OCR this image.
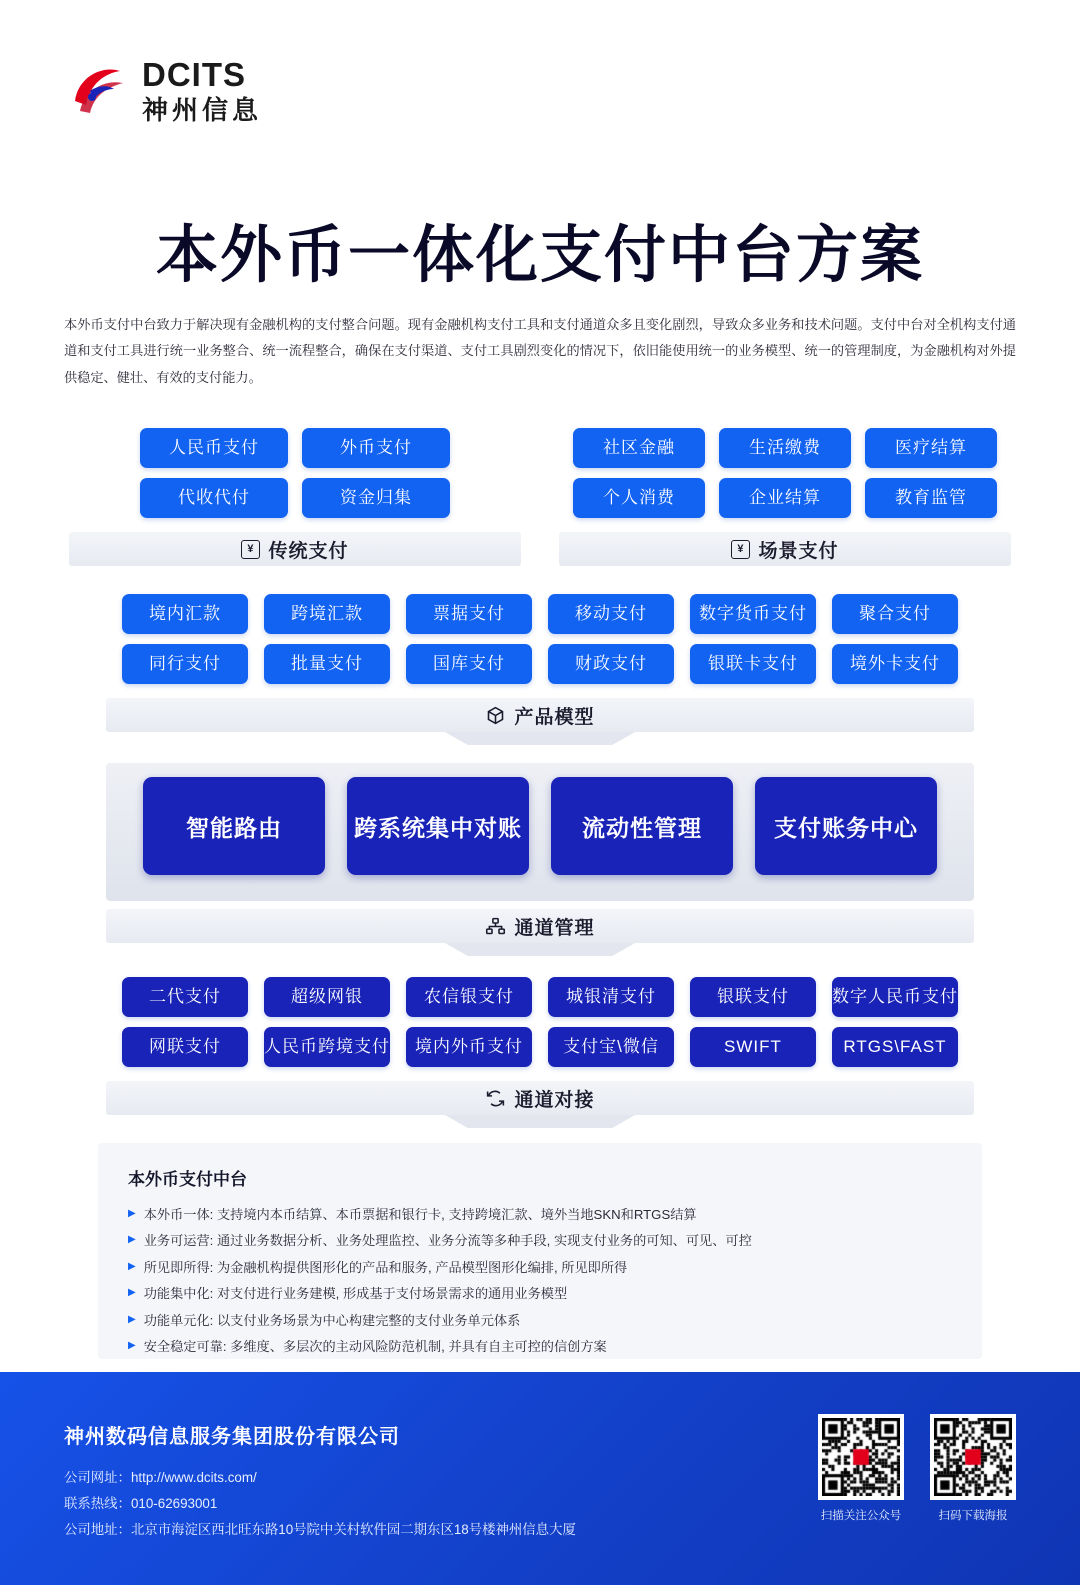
DCITS
神州信息
本外币一体化支付中台方案
本外币支付中台致力于解决现有金融机构的支付整合问题。现有金融机构支付工具和支付通道众多且变化剧烈，导致众多业务和技术问题。支付中台对全机构支付通道和支付工具进行统一业务整合、统一流程整合，确保在支付渠道、支付工具剧烈变化的情况下，依旧能使用统一的业务模型、统一的管理制度，为金融机构对外提供稳定、健壮、有效的支付能力。
人民币支付	外币支付
代收代付	资金归集
¥ 传统支付
社区金融	生活缴费	医疗结算
个人消费	企业结算	教育监管
¥ 场景支付
境内汇款	跨境汇款	票据支付	移动支付	数字货币支付	聚合支付
同行支付	批量支付	国库支付	财政支付	银联卡支付	境外卡支付
产品模型
智能路由	跨系统集中对账	流动性管理	支付账务中心
通道管理
二代支付	超级网银	农信银支付	城银清支付	银联支付	数字人民币支付
网联支付	人民币跨境支付	境内外币支付	支付宝\微信	SWIFT	RTGS\FAST
通道对接
本外币支付中台
▶ 本外币一体: 支持境内本币结算、本币票据和银行卡, 支持跨境汇款、境外当地SKN和RTGS结算
▶ 业务可运营: 通过业务数据分析、业务处理监控、业务分流等多种手段, 实现支付业务的可知、可见、可控
▶ 所见即所得: 为金融机构提供图形化的产品和服务, 产品模型图形化编排, 所见即所得
▶ 功能集中化: 对支付进行业务建模, 形成基于支付场景需求的通用业务模型
▶ 功能单元化: 以支付业务场景为中心构建完整的支付业务单元体系
▶ 安全稳定可靠: 多维度、多层次的主动风险防范机制, 并具有自主可控的信创方案
神州数码信息服务集团股份有限公司
公司网址：http://www.dcits.com/
联系热线：010-62693001
公司地址：北京市海淀区西北旺东路10号院中关村软件园二期东区18号楼神州信息大厦
扫描关注公众号	扫码下载海报
